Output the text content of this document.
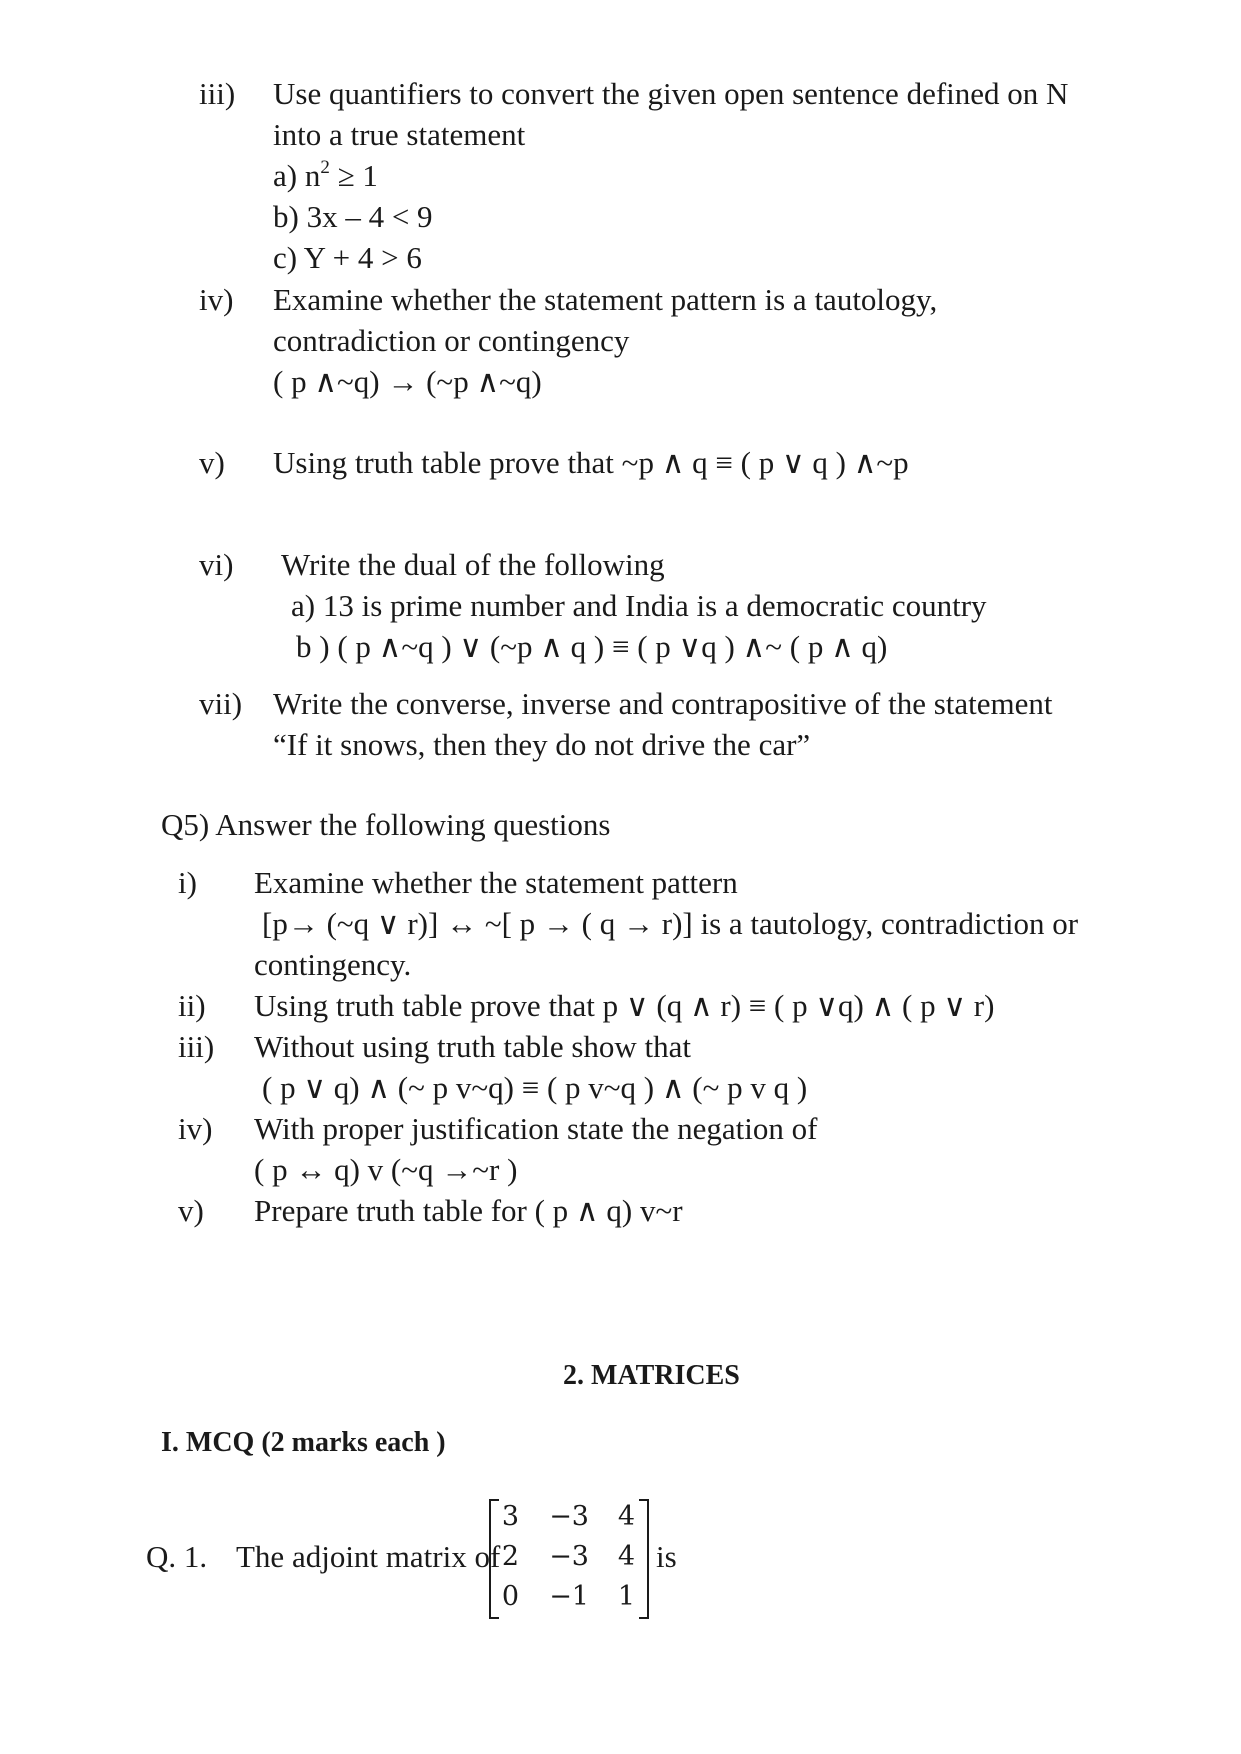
iii) Use quantifiers to convert the given open sentence defined on N
into a true statement
a) $n^2 \ge 1$
b) 3x – 4 < 9
c) Y + 4 > 6
iv) Examine whether the statement pattern is a tautology,
contradiction or contingency
( p ∧~q) → (~p ∧~q)
v) Using truth table prove that ~p ∧ q ≡ ( p ∨ q ) ∧~p
vi) Write the dual of the following
a) 13 is prime number and India is a democratic country
b ) ( p ∧~q ) ∨ (~p ∧ q ) ≡ ( p ∨q ) ∧~ ( p ∧ q)
vii) Write the converse, inverse and contrapositive of the statement
“If it snows, then they do not drive the car”
Q5) Answer the following questions
i) Examine whether the statement pattern
[p→ (~q ∨ r)] ↔ ~[ p → ( q → r)] is a tautology, contradiction or
contingency.
ii) Using truth table prove that p ∨ (q ∧ r) ≡ ( p ∨q) ∧ ( p ∨ r)
iii) Without using truth table show that
( p ∨ q) ∧ (~ p v~q) ≡ ( p v~q ) ∧ (~ p v q )
iv) With proper justification state the negation of
( p ↔ q) v (~q →~r )
v) Prepare truth table for ( p ∧ q) v~r
2. MATRICES
I. MCQ (2 marks each )
Q. 1. The adjoint matrix of
3	−3	4
2	−3	4
0	−1	1
is
